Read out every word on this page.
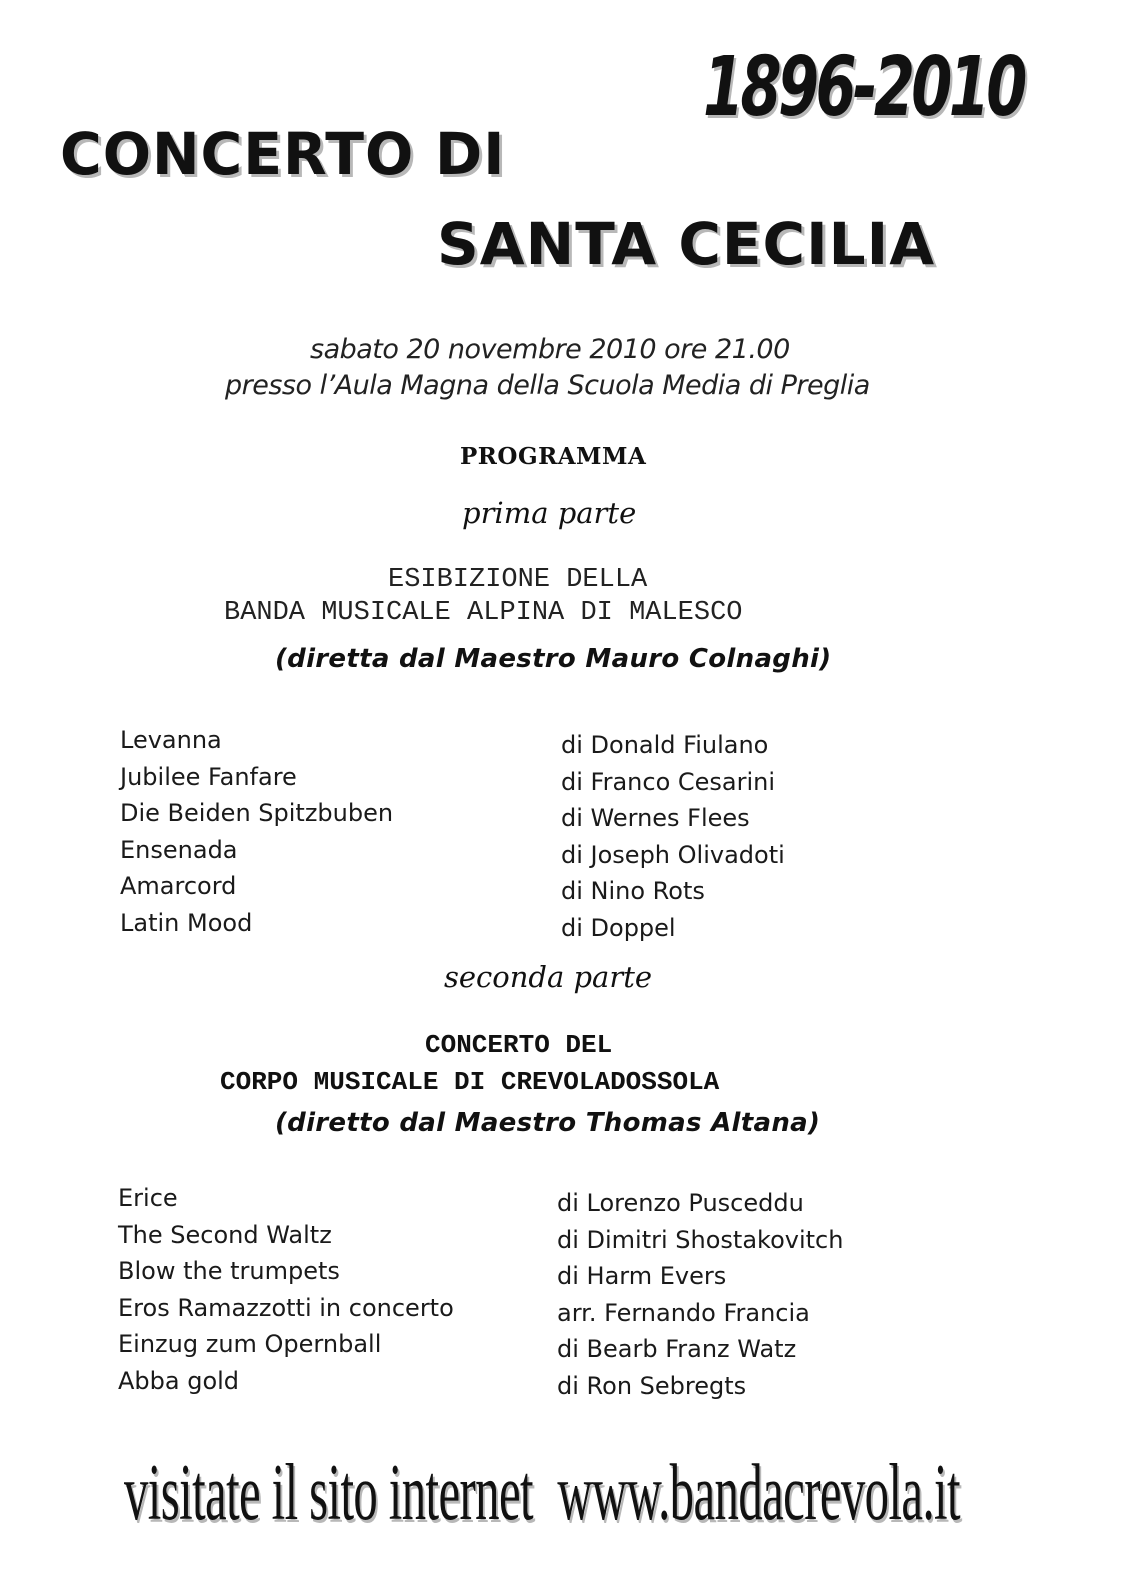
1896-2010
CONCERTO DI
SANTA CECILIA
sabato 20 novembre 2010 ore 21.00
presso l’Aula Magna della Scuola Media di Preglia
PROGRAMMA
prima parte
ESIBIZIONE DELLA
BANDA MUSICALE ALPINA DI MALESCO
(diretta dal Maestro Mauro Colnaghi)
Levanna
Jubilee Fanfare
Die Beiden Spitzbuben
Ensenada
Amarcord
Latin Mood
di Donald Fiulano
di Franco Cesarini
di Wernes Flees
di Joseph Olivadoti
di Nino Rots
di Doppel
seconda parte
CONCERTO DEL
CORPO MUSICALE DI CREVOLADOSSOLA
(diretto dal Maestro Thomas Altana)
Erice
The Second Waltz
Blow the trumpets
Eros Ramazzotti in concerto
Einzug zum Opernball
Abba gold
di Lorenzo Pusceddu
di Dimitri Shostakovitch
di Harm Evers
arr. Fernando Francia
di Bearb Franz Watz
di Ron Sebregts
visitate il sito internet www.bandacrevola.it
